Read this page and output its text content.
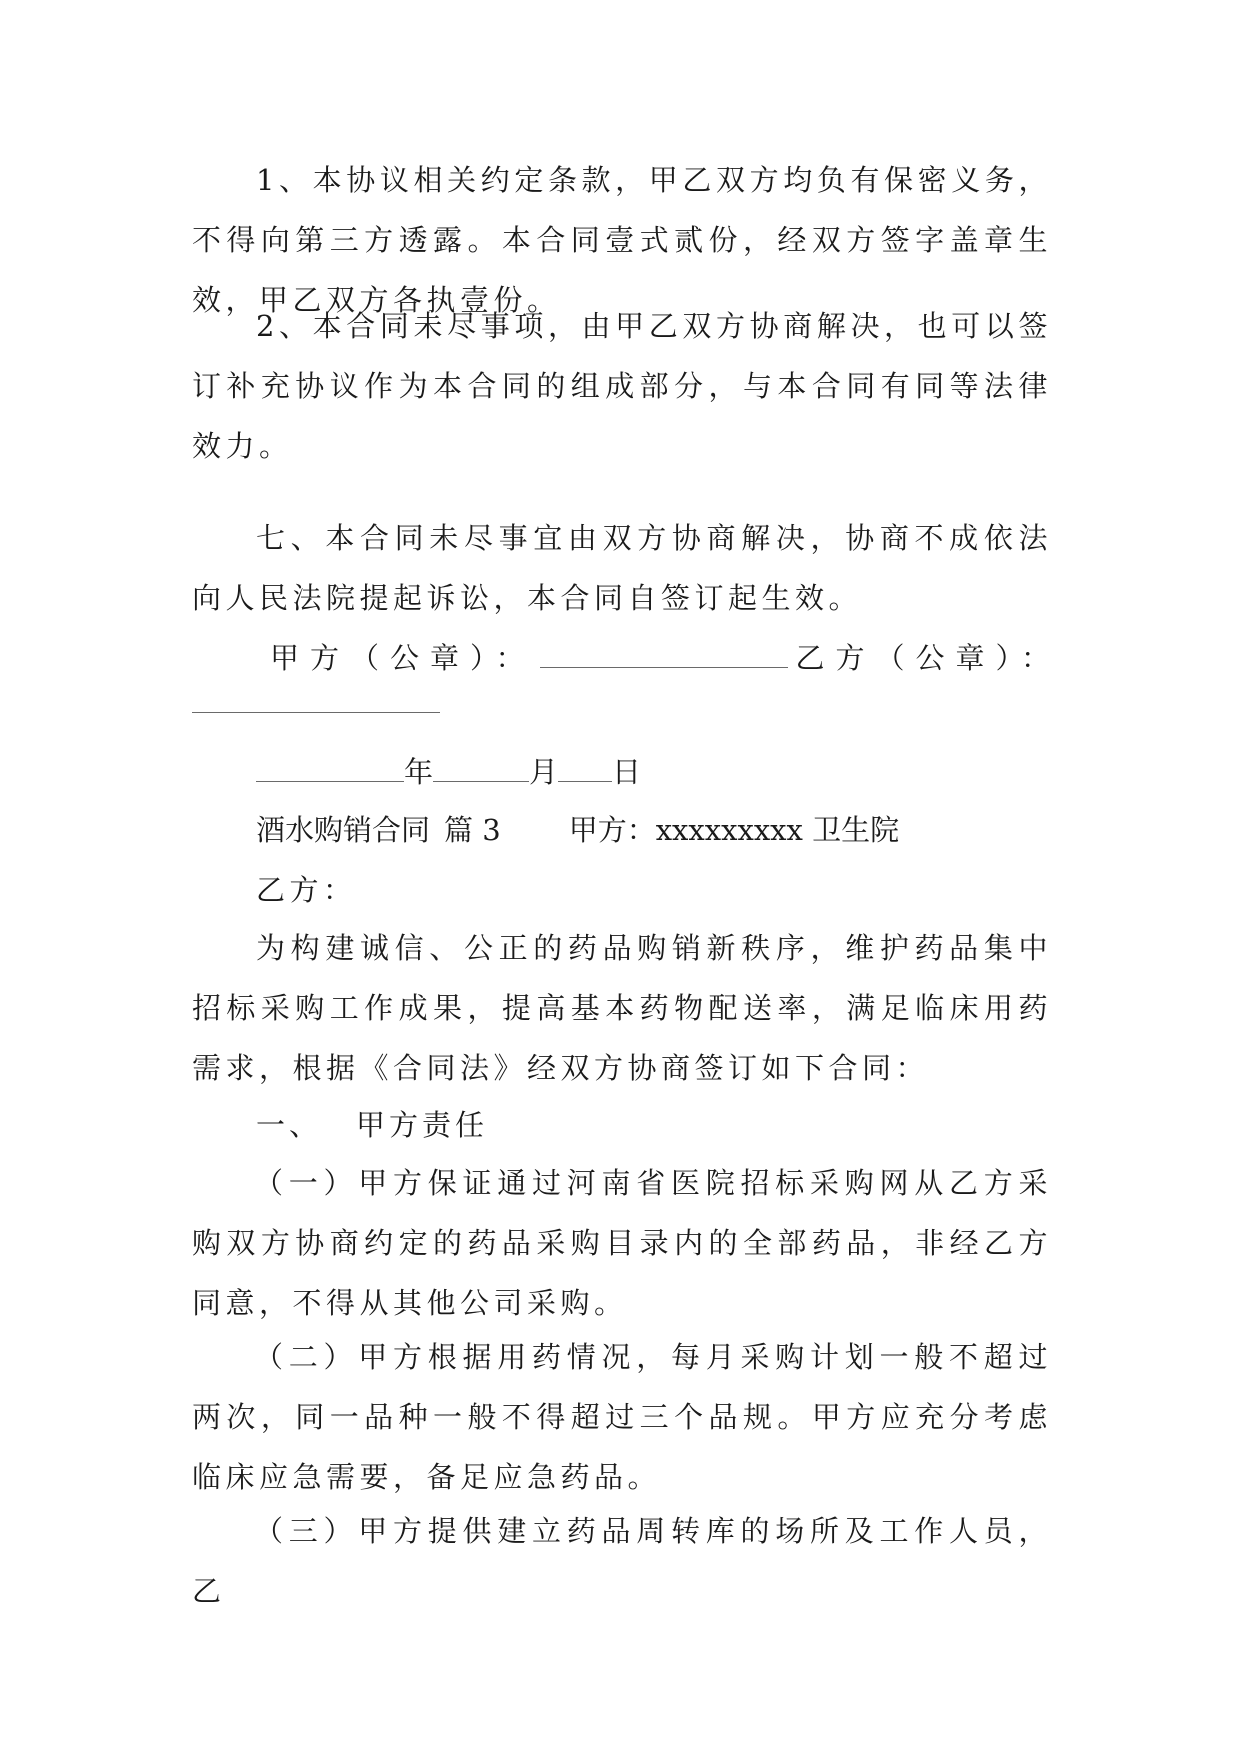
1、本协议相关约定条款，甲乙双方均负有保密义务，不得向第三方透露。本合同壹式贰份，经双方签字盖章生效，甲乙双方各执壹份。

2、本合同未尽事项，由甲乙双方协商解决，也可以签订补充协议作为本合同的组成部分，与本合同有同等法律效力。

七、本合同未尽事宜由双方协商解决，协商不成依法向人民法院提起诉讼，本合同自签订起生效。

甲方（公章）：	乙方（公章）：
年	月 日
酒水购销合同 篇 3 甲方：xxxxxxxxx 卫生院
乙方：

为构建诚信、公正的药品购销新秩序，维护药品集中招标采购工作成果，提高基本药物配送率，满足临床用药需求，根据《合同法》经双方协商签订如下合同：

一、 甲方责任

（一）甲方保证通过河南省医院招标采购网从乙方采购双方协商约定的药品采购目录内的全部药品，非经乙方同意，不得从其他公司采购。

（二）甲方根据用药情况，每月采购计划一般不超过两次，同一品种一般不得超过三个品规。甲方应充分考虑临床应急需要，备足应急药品。

（三）甲方提供建立药品周转库的场所及工作人员，乙
